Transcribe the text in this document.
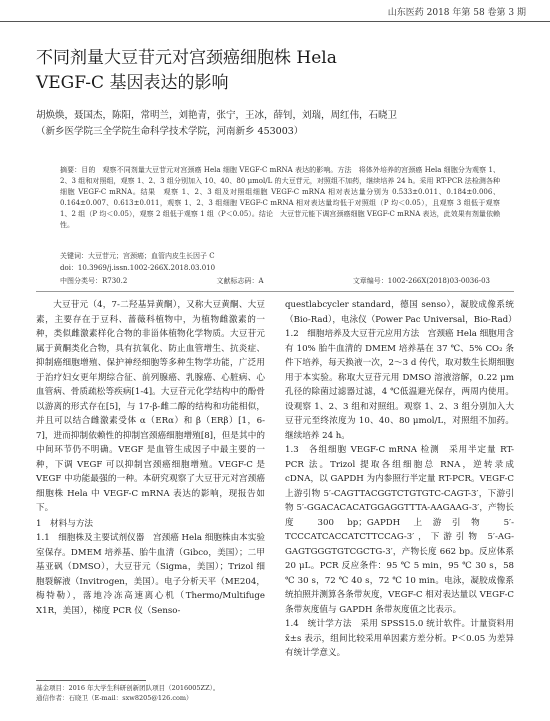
山东医药 2018 年第 58 卷第 3 期
不同剂量大豆苷元对宫颈癌细胞株 Hela
VEGF-C 基因表达的影响
胡焕焕，聂国杰，陈阳，常明兰，刘艳青，张宁，王冰，薛钊，刘瑞，周红伟，石晓卫
（新乡医学院三全学院生命科学技术学院，河南新乡 453003）
摘要：目的　观察不同剂量大豆苷元对宫颈癌 Hela 细胞 VEGF-C mRNA 表达的影响。方法　将体外培养的宫颈癌 Hela 细胞分为观察 1、2、3 组和对照组，观察 1、2、3 组分别加入 10、40、80 μmol/L 的大豆苷元，对照组不加药，继续培养 24 h。采用 RT-PCR 法检测各种细胞 VEGF-C mRNA。结果　观察 1、2、3 组及对照组细胞 VEGF-C mRNA 相对表达量分别为 0.533±0.011、0.184±0.006、0.164±0.007、0.613±0.011，观察 1、2、3 组细胞 VEGF-C mRNA 相对表达量均低于对照组（P 均＜0.05），且观察 3 组低于观察 1、2 组（P 均＜0.05），观察 2 组低于观察 1 组（P＜0.05）。结论　大豆苷元能下调宫颈癌细胞 VEGF-C mRNA 表达，此效果有剂量依赖性。
关键词：大豆苷元；宫颈癌；血管内皮生长因子 C
doi：10.3969/j.issn.1002-266X.2018.03.010
中图分类号：R730.2	文献标志码：A	文章编号：1002-266X(2018)03-0036-03

大豆苷元（4，7-二羟基异黄酮），又称大豆黄酮、大豆素，主要存在于豆科、蔷薇科植物中，为植物雌激素的一种，类似雌激素样化合物的非甾体植物化学物质。大豆苷元属于黄酮类化合物，具有抗氧化、防止血管增生、抗炎症、抑制癌细胞增殖、保护神经细胞等多种生物学功能，广泛用于治疗妇女更年期综合征、前列腺癌、乳腺癌、心脏病、心血管病、骨质疏松等疾病[1-4]。大豆苷元化学结构中的酚骨以游离的形式存在[5]，与 17-β-雌二醇的结构和功能相似，并且可以结合雌激素受体 α（ERα）和 β（ERβ）[1，6-7]，进而抑制依赖性的抑制宫颈癌细胞增殖[8]，但是其中的中间环节仍不明确。VEGF 是血管生成因子中最主要的一种，下调 VEGF 可以抑制宫颈癌细胞增殖。VEGF-C 是 VEGF 中功能最强的一种。本研究观察了大豆苷元对宫颈癌细胞株 Hela 中 VEGF-C mRNA 表达的影响，现报告如下。

1　材料与方法

1.1　细胞株及主要试剂仪器　宫颈癌 Hela 细胞株由本实验室保存。DMEM 培养基、胎牛血清（Gibco，美国）；二甲基亚砜（DMSO），大豆苷元（Sigma，美国）；Trizol 细胞裂解液（Invitrogen，美国）。电子分析天平（ME204，梅特勒），落地冷冻高速离心机（Thermo/Multifuge X1R，美国），梯度 PCR 仪（Senso-

questlabcycler standard，德国 senso），凝胶成像系统（Bio-Rad），电泳仪（Power Pac Universal，Bio-Rad）

1.2　细胞培养及大豆苷元应用方法　宫颈癌 Hela 细胞用含有 10% 胎牛血清的 DMEM 培养基在 37 ℃、5% CO₂ 条件下培养，每天换液一次，2～3 d 传代，取对数生长期细胞用于本实验。称取大豆苷元用 DMSO 溶液溶解，0.22 μm 孔径的除菌过滤器过滤，4 ℃低温避光保存，两周内使用。设观察 1、2、3 组和对照组。观察 1、2、3 组分别加入大豆苷元至终浓度为 10、40、80 μmol/L，对照组不加药。继续培养 24 h。

1.3　各组细胞 VEGF-C mRNA 检测　采用半定量 RT-PCR 法。Trizol 提取各组细胞总 RNA，逆转录成 cDNA，以 GAPDH 为内参照行半定量 RT-PCR。VEGF-C 上游引物 5′-CAGTTACGGTCTGTGTC-CAGT-3′，下游引物 5′-GGACACACATGGAGGTTTA-AAGAAG-3′，产物长度 300 bp；GAPDH 上游引物 5′-TCCCATCACCATCTTCCAG-3′，下游引物 5′-AG-GAGTGGGTGTCGCTG-3′，产物长度 662 bp。反应体系 20 μL。PCR 反应条件：95 ℃ 5 min，95 ℃ 30 s，58 ℃ 30 s，72 ℃ 40 s，72 ℃ 10 min。电泳，凝胶成像系统拍照并测算各条带灰度，VEGF-C 相对表达量以 VEGF-C 条带灰度值与 GAPDH 条带灰度值之比表示。

1.4　统计学方法　采用 SPSS15.0 统计软件。计量资料用 x̄±s 表示，组间比较采用单因素方差分析。P＜0.05 为差异有统计学意义。

基金项目：2016 年大学生科研创新团队项目（2016005ZZ）。
通信作者：石晓卫（E-mail：sxw8205@126.com）
